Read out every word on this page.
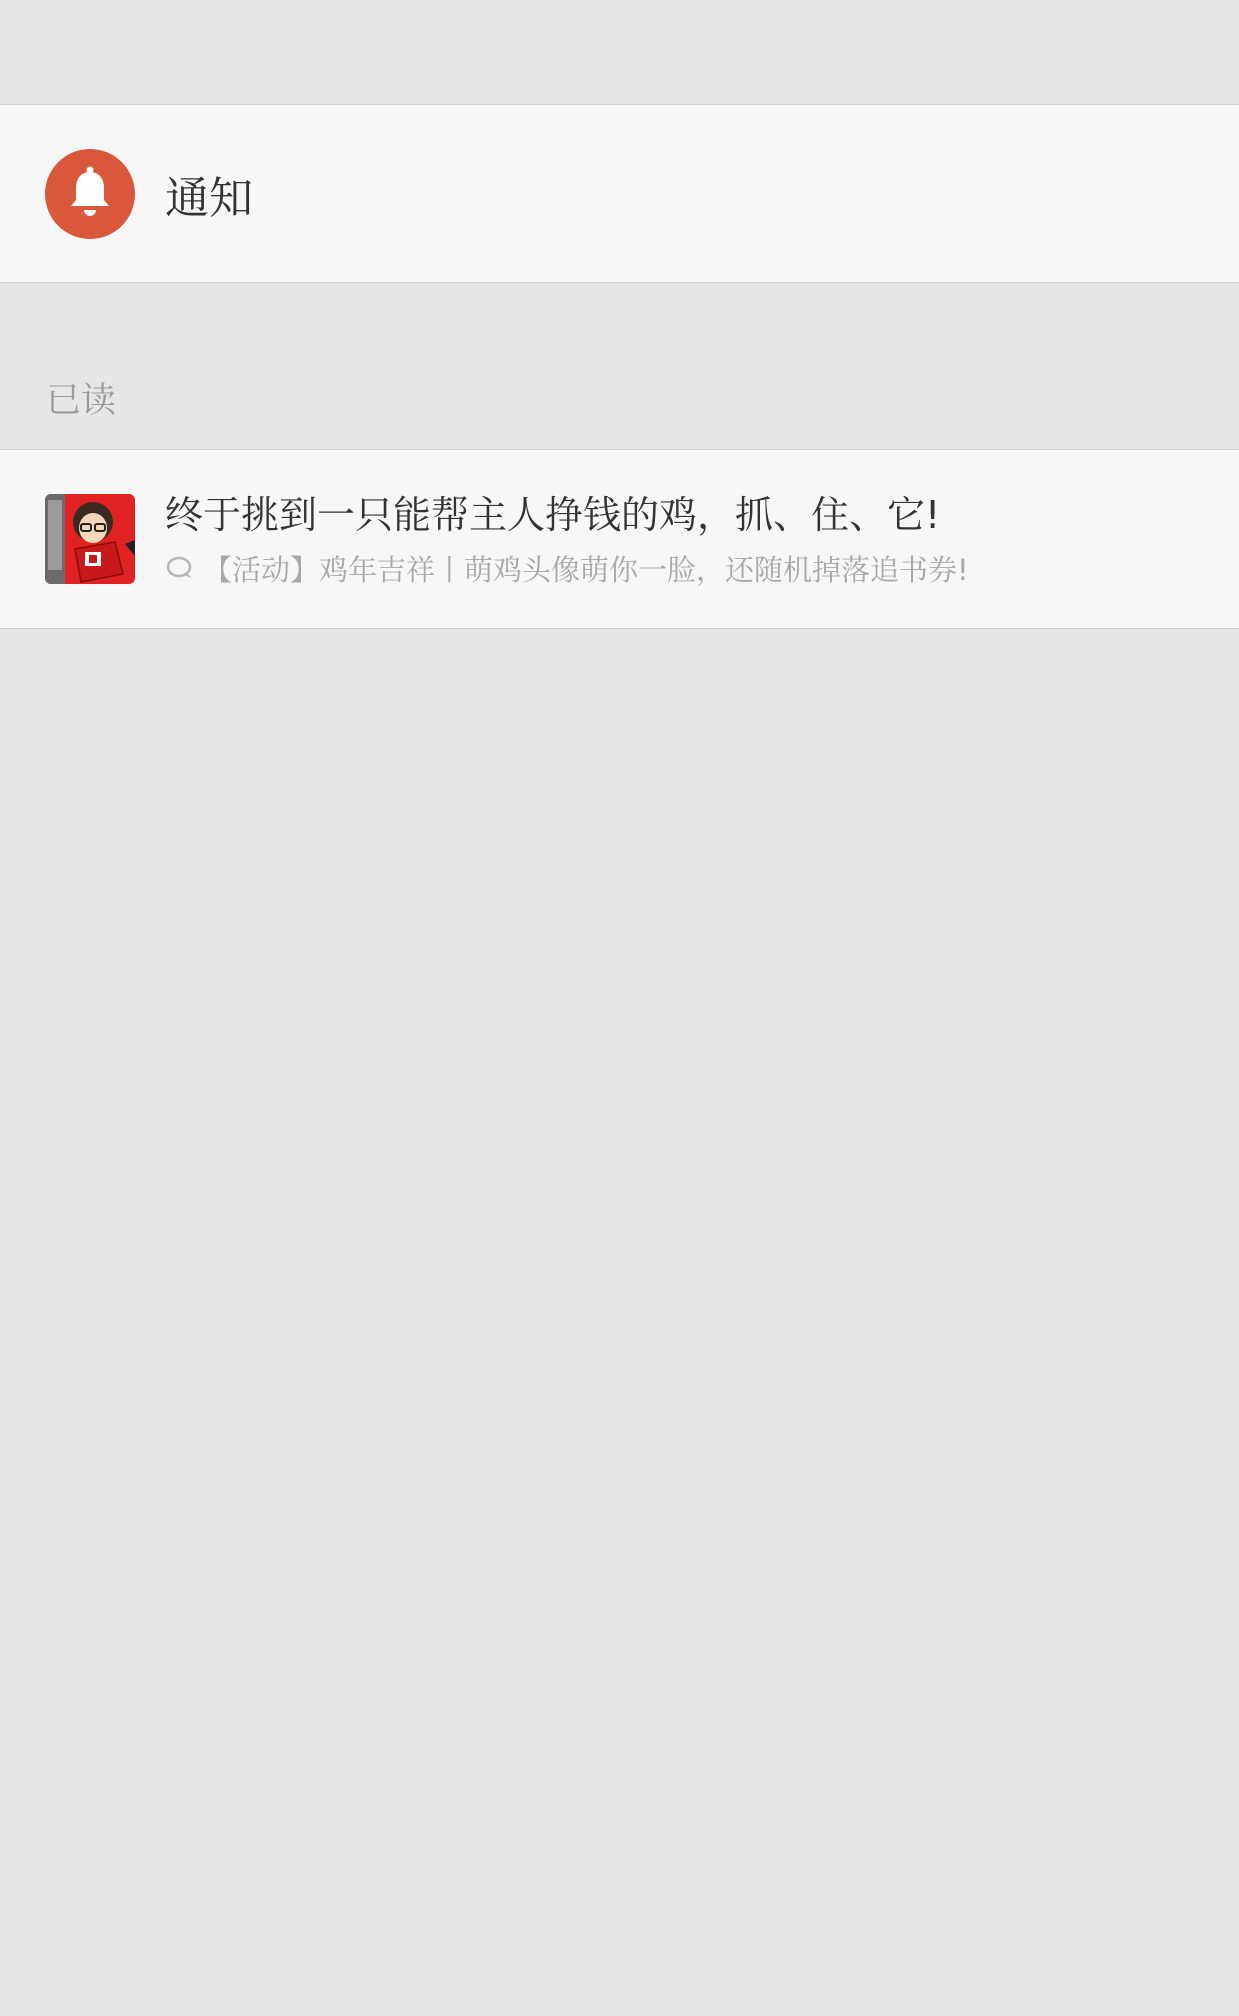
通知
已读
终于挑到一只能帮主人挣钱的鸡，抓、住、它!
【活动】鸡年吉祥丨萌鸡头像萌你一脸，还随机掉落追书券!
